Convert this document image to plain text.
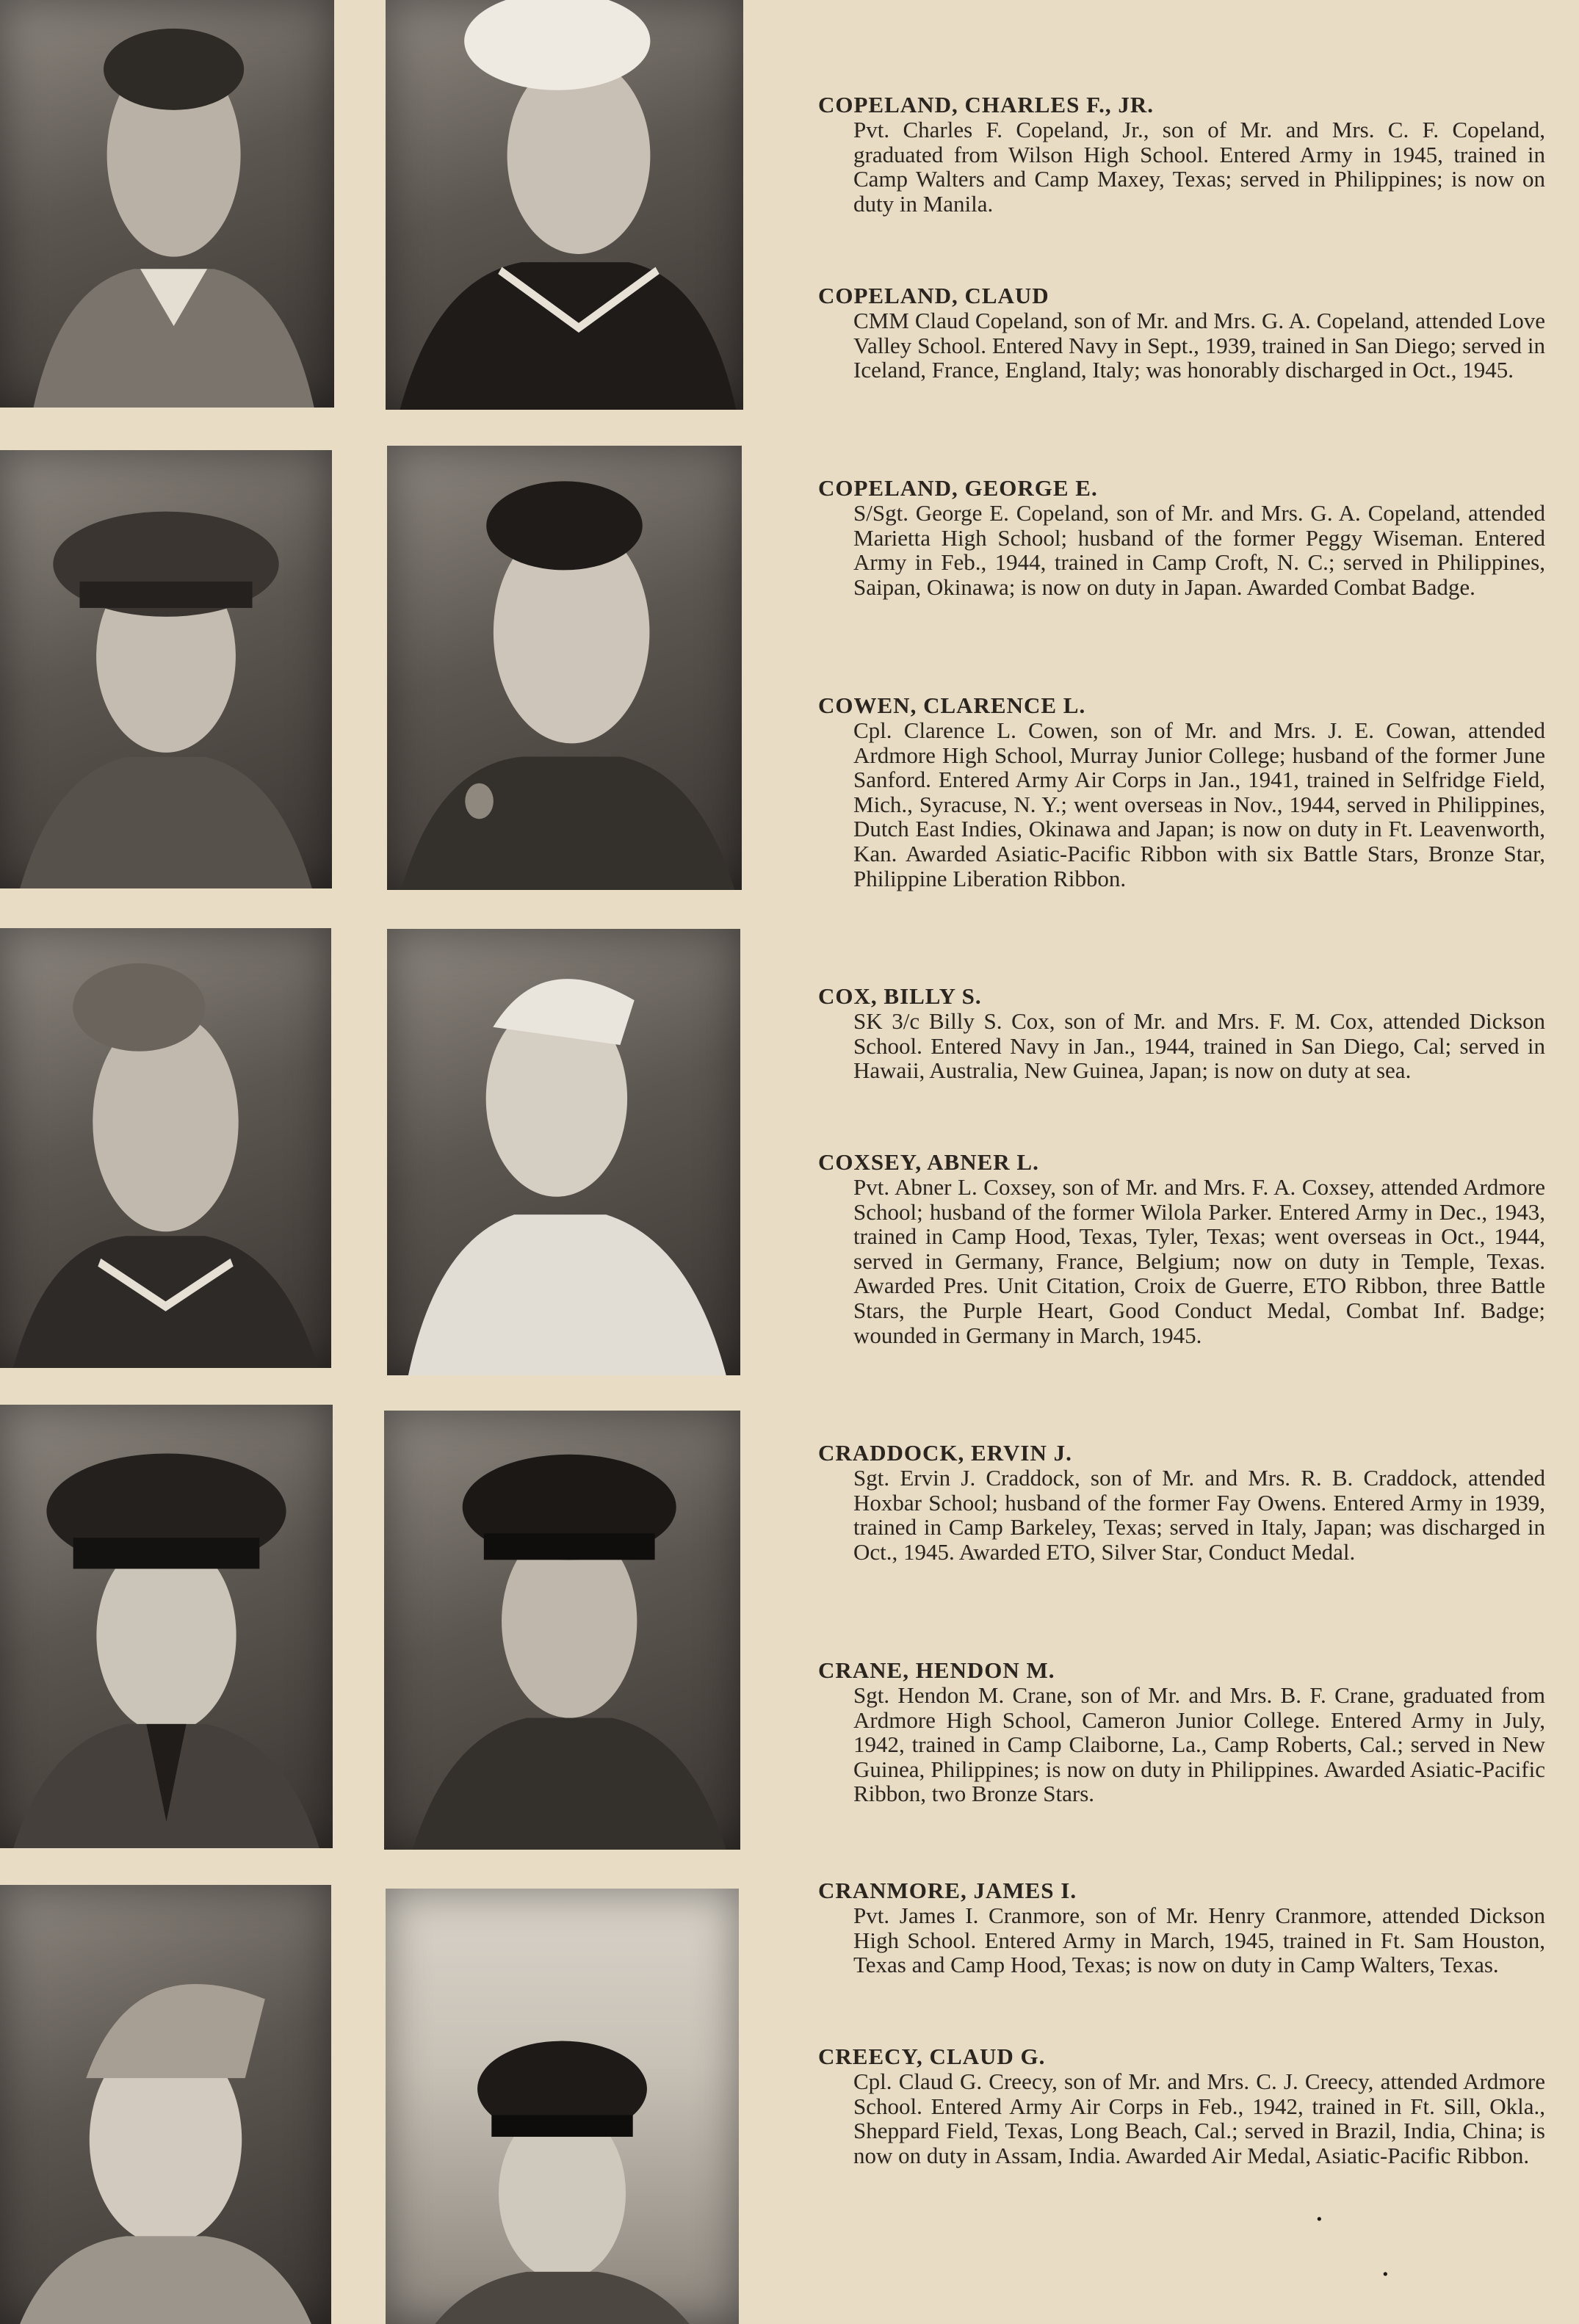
COPELAND, CHARLES F., JR.

Pvt. Charles F. Copeland, Jr., son of Mr. and Mrs. C. F. Copeland, graduated from Wilson High School. Entered Army in 1945, trained in Camp Walters and Camp Maxey, Texas; served in Philippines; is now on duty in Manila.

COPELAND, CLAUD

CMM Claud Copeland, son of Mr. and Mrs. G. A. Copeland, attended Love Valley School. Entered Navy in Sept., 1939, trained in San Diego; served in Iceland, France, England, Italy; was honorably discharged in Oct., 1945.

COPELAND, GEORGE E.

S/Sgt. George E. Copeland, son of Mr. and Mrs. G. A. Copeland, attended Marietta High School; husband of the former Peggy Wiseman. Entered Army in Feb., 1944, trained in Camp Croft, N. C.; served in Philippines, Saipan, Okinawa; is now on duty in Japan. Awarded Combat Badge.

COWEN, CLARENCE L.

Cpl. Clarence L. Cowen, son of Mr. and Mrs. J. E. Cowan, attended Ardmore High School, Murray Junior College; husband of the former June Sanford. Entered Army Air Corps in Jan., 1941, trained in Selfridge Field, Mich., Syracuse, N. Y.; went overseas in Nov., 1944, served in Philippines, Dutch East Indies, Okinawa and Japan; is now on duty in Ft. Leavenworth, Kan. Awarded Asiatic-Pacific Ribbon with six Battle Stars, Bronze Star, Philippine Liberation Ribbon.

COX, BILLY S.

SK 3/c Billy S. Cox, son of Mr. and Mrs. F. M. Cox, attended Dickson School. Entered Navy in Jan., 1944, trained in San Diego, Cal; served in Hawaii, Australia, New Guinea, Japan; is now on duty at sea.

COXSEY, ABNER L.

Pvt. Abner L. Coxsey, son of Mr. and Mrs. F. A. Coxsey, attended Ardmore School; husband of the former Wilola Parker. Entered Army in Dec., 1943, trained in Camp Hood, Texas, Tyler, Texas; went overseas in Oct., 1944, served in Germany, France, Belgium; now on duty in Temple, Texas. Awarded Pres. Unit Citation, Croix de Guerre, ETO Ribbon, three Battle Stars, the Purple Heart, Good Conduct Medal, Combat Inf. Badge; wounded in Germany in March, 1945.

CRADDOCK, ERVIN J.

Sgt. Ervin J. Craddock, son of Mr. and Mrs. R. B. Craddock, attended Hoxbar School; husband of the former Fay Owens. Entered Army in 1939, trained in Camp Barkeley, Texas; served in Italy, Japan; was discharged in Oct., 1945. Awarded ETO, Silver Star, Conduct Medal.

CRANE, HENDON M.

Sgt. Hendon M. Crane, son of Mr. and Mrs. B. F. Crane, graduated from Ardmore High School, Cameron Junior College. Entered Army in July, 1942, trained in Camp Claiborne, La., Camp Roberts, Cal.; served in New Guinea, Philippines; is now on duty in Philippines. Awarded Asiatic-Pacific Ribbon, two Bronze Stars.

CRANMORE, JAMES I.

Pvt. James I. Cranmore, son of Mr. Henry Cranmore, attended Dickson High School. Entered Army in March, 1945, trained in Ft. Sam Houston, Texas and Camp Hood, Texas; is now on duty in Camp Walters, Texas.

CREECY, CLAUD G.

Cpl. Claud G. Creecy, son of Mr. and Mrs. C. J. Creecy, attended Ardmore School. Entered Army Air Corps in Feb., 1942, trained in Ft. Sill, Okla., Sheppard Field, Texas, Long Beach, Cal.; served in Brazil, India, China; is now on duty in Assam, India. Awarded Air Medal, Asiatic-Pacific Ribbon.

·
·
